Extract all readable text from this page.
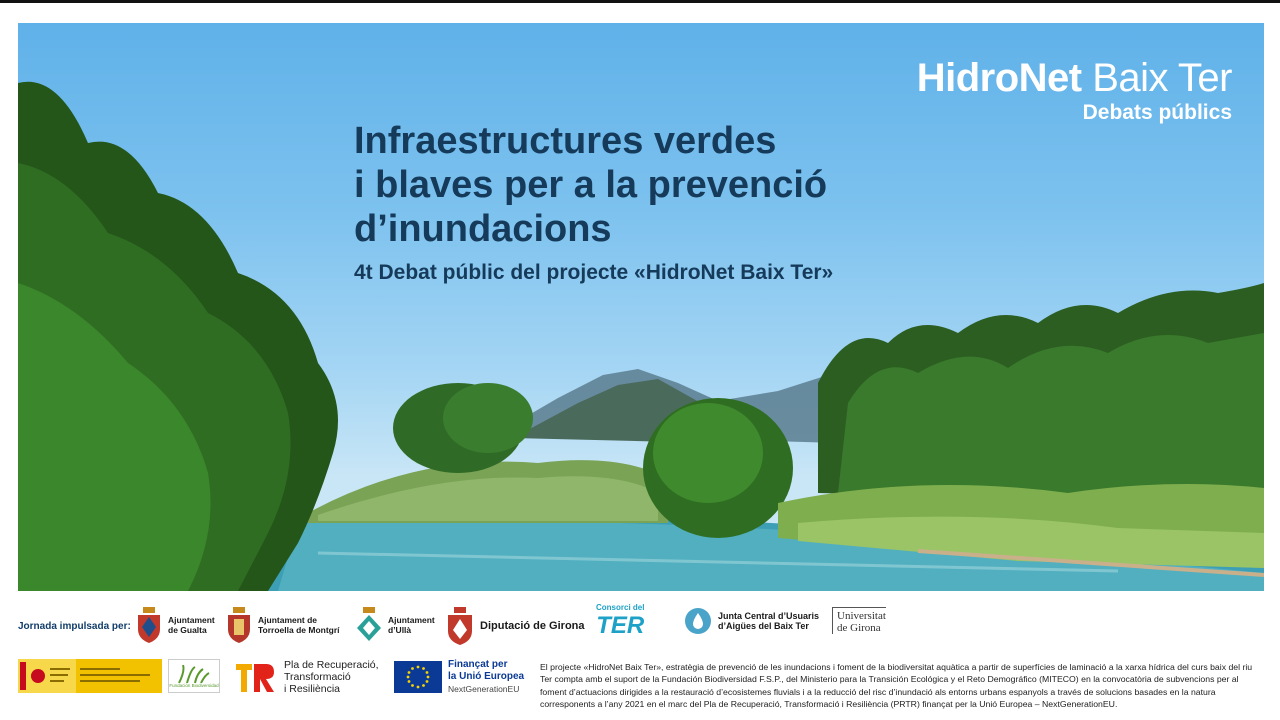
HidroNet Baix Ter
Debats públics
Infraestructures verdes
i blaves per a la prevenció
d’inundacions
4t Debat públic del projecte «HidroNet Baix Ter»
Jornada impulsada per:
Ajuntament
de Gualta
Ajuntament de
Torroella de Montgrí
Ajuntament
d’Ullà	Diputació de Girona
Consorci del
TER	Junta Central d’Usuaris
d’Aigües del Baix Ter
Universitat
de Girona
Fundación Biodiversidad
Pla de Recuperació,
Transformació
i Resiliència
Finançat per
la Unió Europea
NextGenerationEU
El projecte «HidroNet Baix Ter», estratègia de prevenció de les inundacions i foment de la biodiversitat aquàtica a partir de superfícies de laminació a la xarxa hídrica del curs baix del riu Ter compta amb el suport de la Fundación Biodiversidad F.S.P., del Ministerio para la Transición Ecológica y el Reto Demográfico (MITECO) en la convocatòria de subvencions per al foment d’actuacions dirigides a la restauració d’ecosistemes fluvials i a la reducció del risc d’inundació als entorns urbans espanyols a través de solucions basades en la natura corresponents a l’any 2021 en el marc del Pla de Recuperació, Transformació i Resiliència (PRTR) finançat per la Unió Europea – NextGenerationEU.
